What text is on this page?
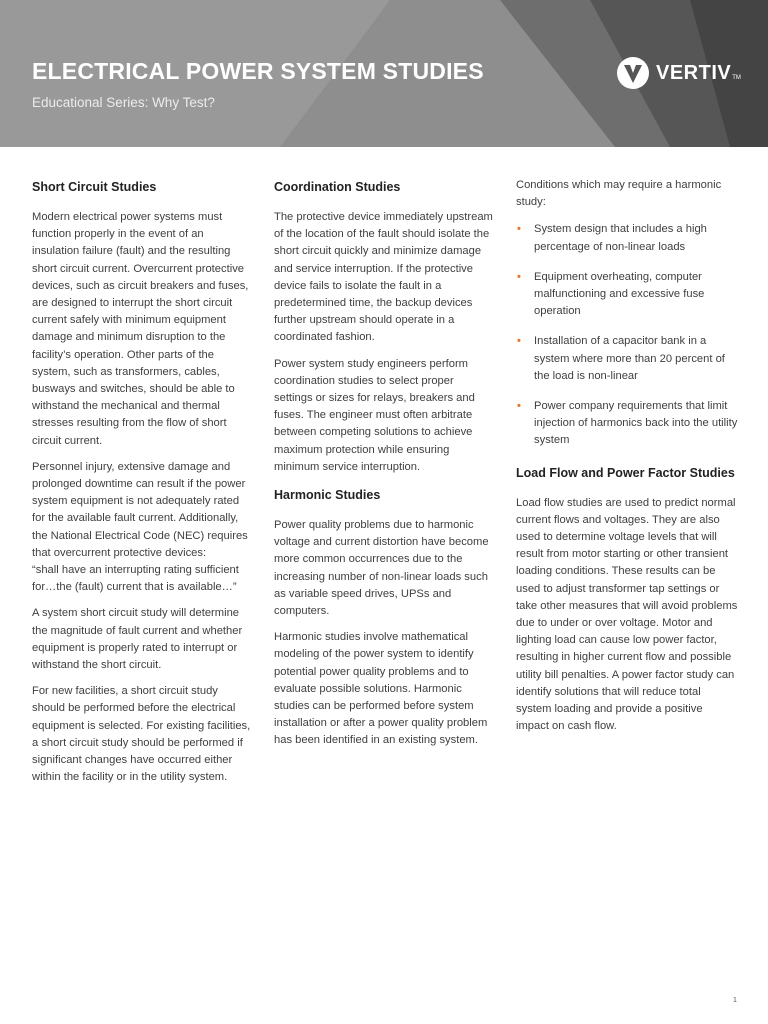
ELECTRICAL POWER SYSTEM STUDIES
Educational Series: Why Test?
VERTIV TM
Short Circuit Studies

Modern electrical power systems must function properly in the event of an insulation failure (fault) and the resulting short circuit current. Overcurrent protective devices, such as circuit breakers and fuses, are designed to interrupt the short circuit current safely with minimum equipment damage and minimum disruption to the facility’s operation. Other parts of the system, such as transformers, cables, busways and switches, should be able to withstand the mechanical and thermal stresses resulting from the flow of short circuit current.

Personnel injury, extensive damage and prolonged downtime can result if the power system equipment is not adequately rated for the available fault current. Additionally, the National Electrical Code (NEC) requires that overcurrent protective devices:
“shall have an interrupting rating sufficient for…the (fault) current that is available…”

A system short circuit study will determine the magnitude of fault current and whether equipment is properly rated to interrupt or withstand the short circuit.

For new facilities, a short circuit study should be performed before the electrical equipment is selected. For existing facilities, a short circuit study should be performed if significant changes have occurred either within the facility or in the utility system.

Coordination Studies

The protective device immediately upstream of the location of the fault should isolate the short circuit quickly and minimize damage and service interruption. If the protective device fails to isolate the fault in a predetermined time, the backup devices further upstream should operate in a coordinated fashion.

Power system study engineers perform coordination studies to select proper settings or sizes for relays, breakers and fuses. The engineer must often arbitrate between competing solutions to achieve maximum protection while ensuring minimum service interruption.

Harmonic Studies

Power quality problems due to harmonic voltage and current distortion have become more common occurrences due to the increasing number of non-linear loads such as variable speed drives, UPSs and computers.

Harmonic studies involve mathematical modeling of the power system to identify potential power quality problems and to evaluate possible solutions. Harmonic studies can be performed before system installation or after a power quality problem has been identified in an existing system.

Conditions which may require a harmonic study:

• System design that includes a high percentage of non-linear loads
• Equipment overheating, computer malfunctioning and excessive fuse operation
• Installation of a capacitor bank in a system where more than 20 percent of the load is non-linear
• Power company requirements that limit injection of harmonics back into the utility system
Load Flow and Power Factor Studies

Load flow studies are used to predict normal current flows and voltages. They are also used to determine voltage levels that will result from motor starting or other transient loading conditions. These results can be used to adjust transformer tap settings or take other measures that will avoid problems due to under or over voltage. Motor and lighting load can cause low power factor, resulting in higher current flow and possible utility bill penalties. A power factor study can identify solutions that will reduce total system loading and provide a positive impact on cash flow.

1
